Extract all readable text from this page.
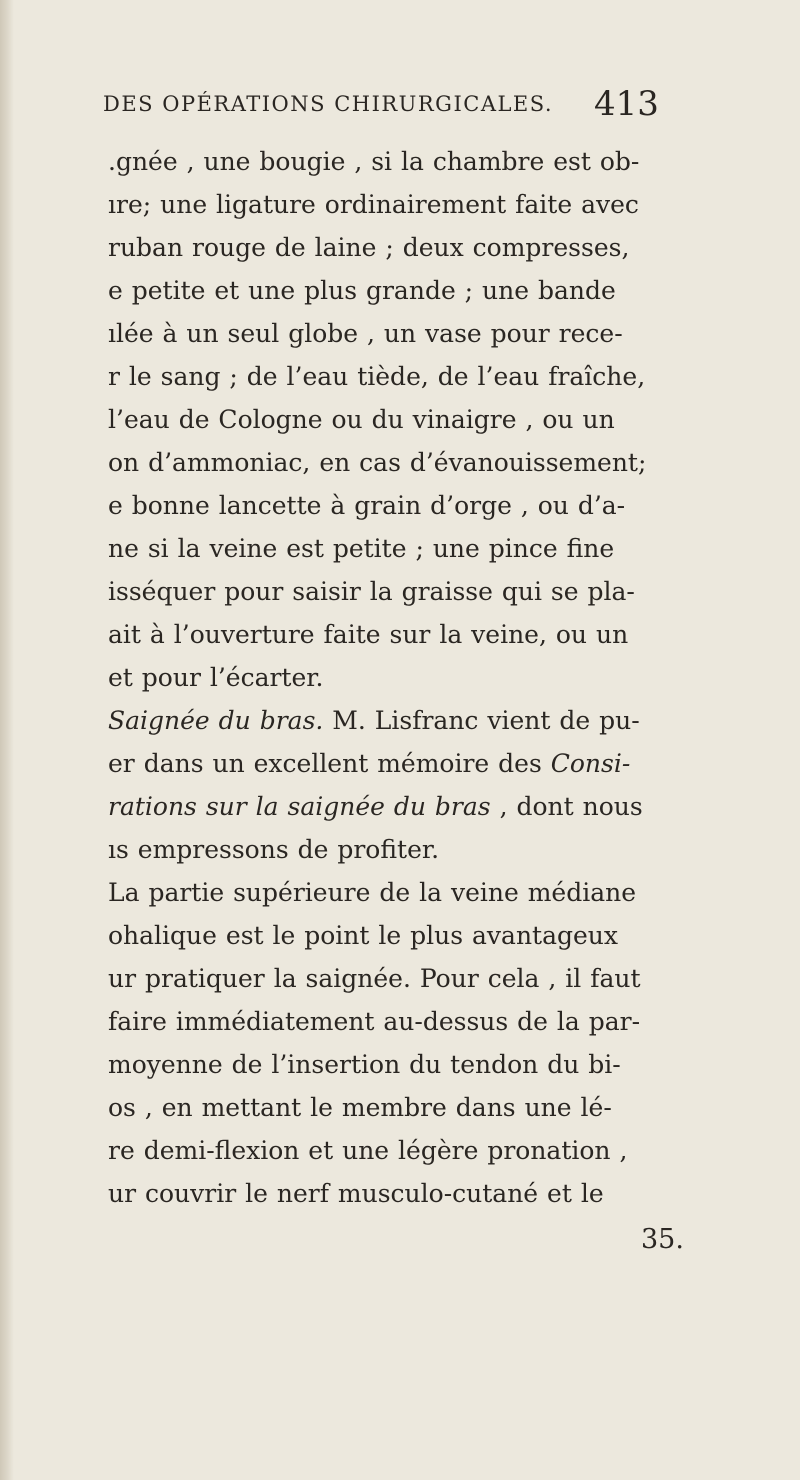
DES OPÉRATIONS CHIRURGICALES. 413
.gnée , une bougie , si la chambre est ob-
ıre; une ligature ordinairement faite avec
ruban rouge de laine ; deux compresses,
e petite et une plus grande ; une bande
ılée à un seul globe , un vase pour rece-
r le sang ; de l’eau tiède, de l’eau fraîche,
l’eau de Cologne ou du vinaigre , ou un
on d’ammoniac, en cas d’évanouissement;
e bonne lancette à grain d’orge , ou d’a-
ne si la veine est petite ; une pince fine
isséquer pour saisir la graisse qui se pla-
ait à l’ouverture faite sur la veine, ou un
et pour l’écarter.
Saignée du bras. M. Lisfranc vient de pu-
er dans un excellent mémoire des Consi-
rations sur la saignée du bras , dont nous
ıs empressons de profiter.
La partie supérieure de la veine médiane
ohalique est le point le plus avantageux
ur pratiquer la saignée. Pour cela , il faut
faire immédiatement au-dessus de la par-
moyenne de l’insertion du tendon du bi-
os , en mettant le membre dans une lé-
re demi-flexion et une légère pronation ,
ur couvrir le nerf musculo-cutané et le
35.
